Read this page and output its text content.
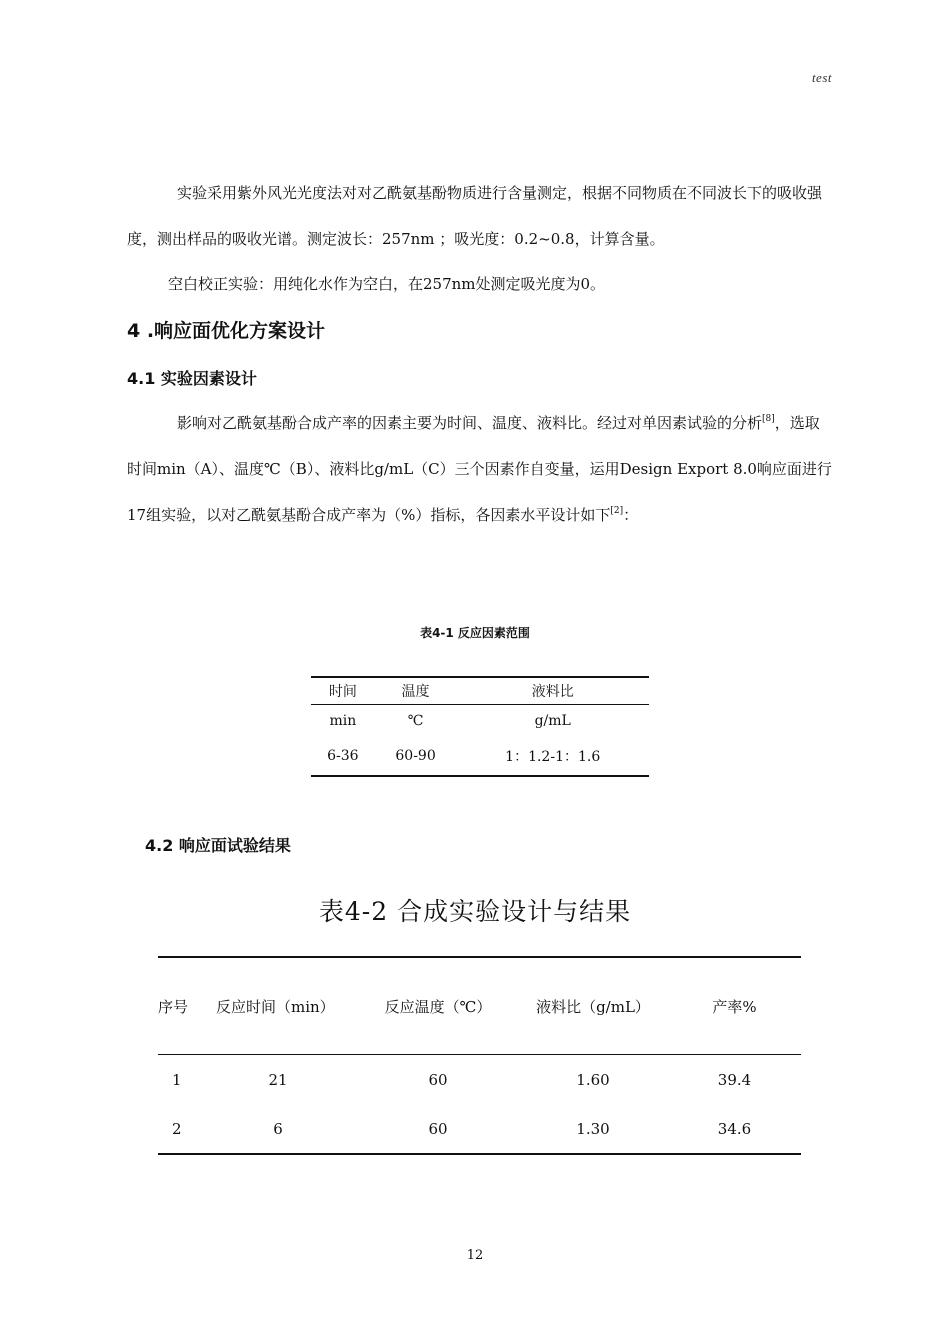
test
实验采用紫外风光光度法对对乙酰氨基酚物质进行含量测定，根据不同物质在不同波长下的吸收强度，测出样品的吸收光谱。测定波长：257nm ；吸光度：0.2~0.8，计算含量。
空白校正实验：用纯化水作为空白，在257nm处测定吸光度为0。
4 .响应面优化方案设计
4.1 实验因素设计
影响对乙酰氨基酚合成产率的因素主要为时间、温度、液料比。经过对单因素试验的分析[8]，选取时间min（A）、温度℃（B）、液料比g/mL（C）三个因素作自变量，运用Design Export 8.0响应面进行17组实验，以对乙酰氨基酚合成产率为（%）指标，各因素水平设计如下[2]：
表4-1 反应因素范围
时间	温度	液料比
min	℃	g/mL
6-36	60-90	1：1.2-1：1.6
4.2 响应面试验结果
表4-2 合成实验设计与结果
序号	反应时间（min）	反应温度（℃）	液料比（g/mL）	产率%
1	21	60	1.60	39.4
2	6	60	1.30	34.6
12
